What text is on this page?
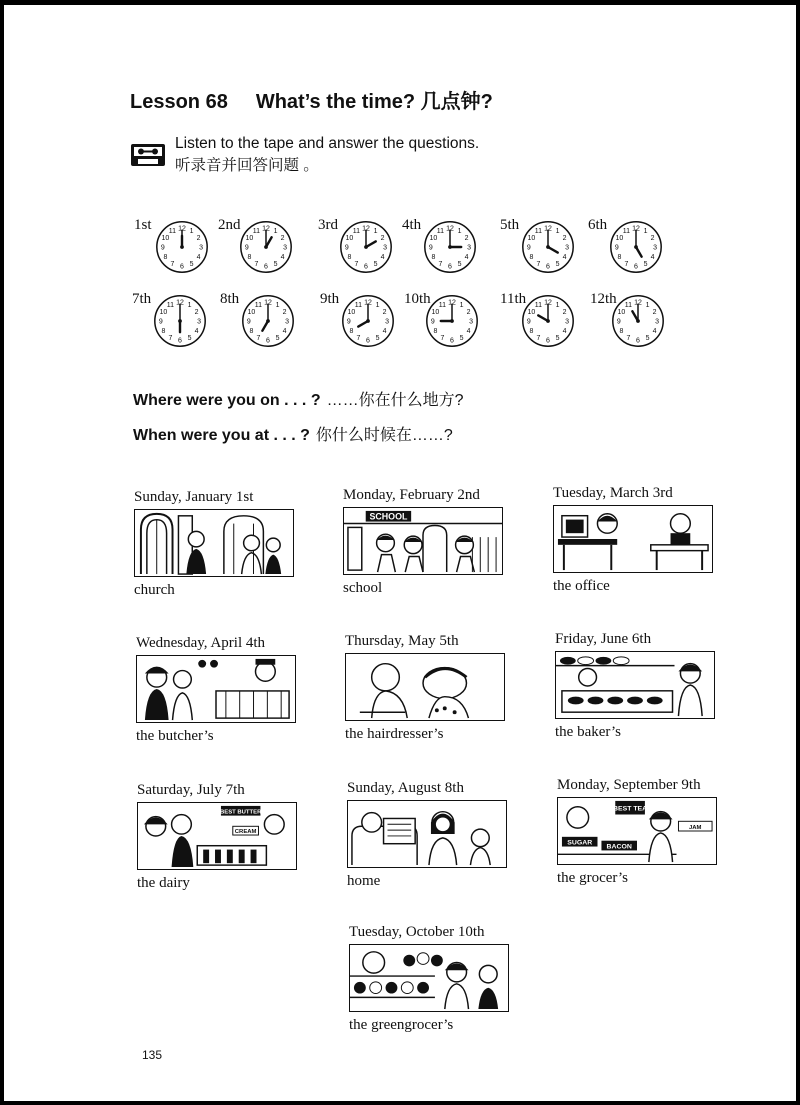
Lesson 68 What’s the time? 几点钟?
Listen to the tape and answer the questions.
听录音并回答问题 。
1st	1
2
3
4
5
6
7
8
9
10
11 12 2nd	1
2
3
4
5
6
7
8
9
10
11 12	3rd	1
2
3
4
5
6
7
8
9
10
11 12 4th	1
2
3
4
5
6
7
8
9
10
11 12	5th	1
2
3
4
5
6
7
8
9
10
11 12 6th	1
2
3
4
5
6
7
8
9
10
11 12
7th	1
2
3
4
5
6
7
8
9
10
11 12 8th	1
2
3
4
5
6
7
8
9
10
11 12	9th	1
2
3
4
5
6
7
8
9
10
11 12 10th	1
2
3
4
5
6
7
8
9
10
11 12	11th	1
2
3
4
5
6
7
8
9
10
11 12	12th	1
2
3
4
5
6
7
8
9
10
11 12
Where were you on . . . ? ……你在什么地方?
When were you at . . . ? 你什么时候在……?
Sunday, January 1st
church
Monday, February 2nd
SCHOOL
school
Tuesday, March 3rd
the office
Wednesday, April 4th
the butcher’s
Thursday, May 5th
the hairdresser’s
Friday, June 6th
the baker’s
Saturday, July 7th
BEST BUTTER
CREAM
the dairy
Sunday, August 8th
home
Monday, September 9th
BEST TEA
JAM
SUGAR
BACON
the grocer’s
Tuesday, October 10th
the greengrocer’s
135
